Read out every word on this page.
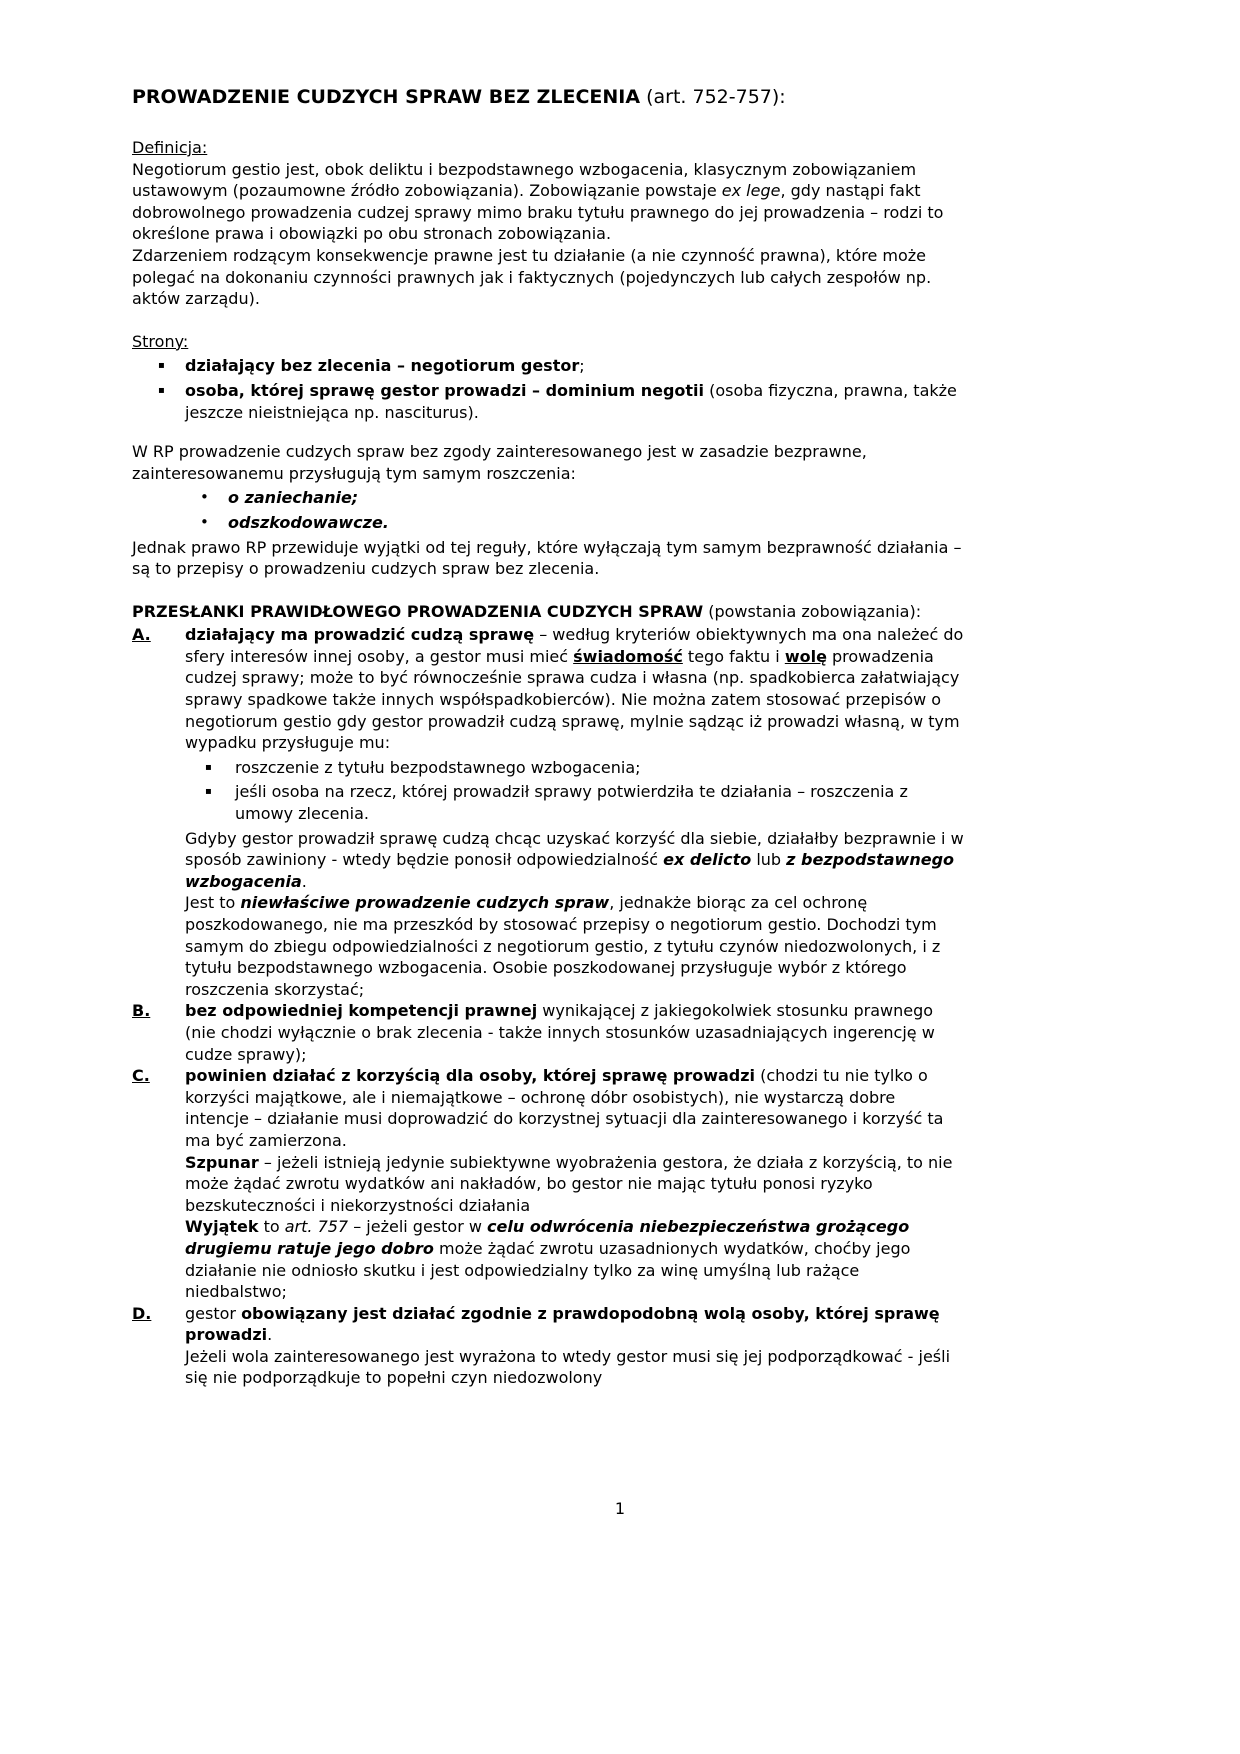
PROWADZENIE CUDZYCH SPRAW BEZ ZLECENIA (art. 752-757):
Definicja:
Negotiorum gestio jest, obok deliktu i bezpodstawnego wzbogacenia, klasycznym zobowiązaniem ustawowym (pozaumowne źródło zobowiązania). Zobowiązanie powstaje ex lege, gdy nastąpi fakt dobrowolnego prowadzenia cudzej sprawy mimo braku tytułu prawnego do jej prowadzenia – rodzi to określone prawa i obowiązki po obu stronach zobowiązania.
Zdarzeniem rodzącym konsekwencje prawne jest tu działanie (a nie czynność prawna), które może polegać na dokonaniu czynności prawnych jak i faktycznych (pojedynczych lub całych zespołów np. aktów zarządu).
Strony:
▪	działający bez zlecenia – negotiorum gestor;
▪	osoba, której sprawę gestor prowadzi – dominium negotii (osoba fizyczna, prawna, także jeszcze nieistniejąca np. nasciturus).
W RP prowadzenie cudzych spraw bez zgody zainteresowanego jest w zasadzie bezprawne, zainteresowanemu przysługują tym samym roszczenia:
•	o zaniechanie;
•	odszkodowawcze.
Jednak prawo RP przewiduje wyjątki od tej reguły, które wyłączają tym samym bezprawność działania – są to przepisy o prowadzeniu cudzych spraw bez zlecenia.
PRZESŁANKI PRAWIDŁOWEGO PROWADZENIA CUDZYCH SPRAW (powstania zobowiązania):
A.	działający ma prowadzić cudzą sprawę – według kryteriów obiektywnych ma ona należeć do sfery interesów innej osoby, a gestor musi mieć świadomość tego faktu i wolę prowadzenia cudzej sprawy; może to być równocześnie sprawa cudza i własna (np. spadkobierca załatwiający sprawy spadkowe także innych współspadkobierców). Nie można zatem stosować przepisów o negotiorum gestio gdy gestor prowadził cudzą sprawę, mylnie sądząc iż prowadzi własną, w tym wypadku przysługuje mu:
▪	roszczenie z tytułu bezpodstawnego wzbogacenia;
▪	jeśli osoba na rzecz, której prowadził sprawy potwierdziła te działania – roszczenia z umowy zlecenia.
Gdyby gestor prowadził sprawę cudzą chcąc uzyskać korzyść dla siebie, działałby bezprawnie i w sposób zawiniony - wtedy będzie ponosił odpowiedzialność ex delicto lub z bezpodstawnego wzbogacenia.
Jest to niewłaściwe prowadzenie cudzych spraw, jednakże biorąc za cel ochronę poszkodowanego, nie ma przeszkód by stosować przepisy o negotiorum gestio. Dochodzi tym samym do zbiegu odpowiedzialności z negotiorum gestio, z tytułu czynów niedozwolonych, i z tytułu bezpodstawnego wzbogacenia. Osobie poszkodowanej przysługuje wybór z którego roszczenia skorzystać;
B.	bez odpowiedniej kompetencji prawnej wynikającej z jakiegokolwiek stosunku prawnego (nie chodzi wyłącznie o brak zlecenia - także innych stosunków uzasadniających ingerencję w cudze sprawy);
C.	powinien działać z korzyścią dla osoby, której sprawę prowadzi (chodzi tu nie tylko o korzyści majątkowe, ale i niemajątkowe – ochronę dóbr osobistych), nie wystarczą dobre intencje – działanie musi doprowadzić do korzystnej sytuacji dla zainteresowanego i korzyść ta ma być zamierzona.
Szpunar – jeżeli istnieją jedynie subiektywne wyobrażenia gestora, że działa z korzyścią, to nie może żądać zwrotu wydatków ani nakładów, bo gestor nie mając tytułu ponosi ryzyko bezskuteczności i niekorzystności działania
Wyjątek to art. 757 – jeżeli gestor w celu odwrócenia niebezpieczeństwa grożącego drugiemu ratuje jego dobro może żądać zwrotu uzasadnionych wydatków, choćby jego działanie nie odniosło skutku i jest odpowiedzialny tylko za winę umyślną lub rażące niedbalstwo;
D.	gestor obowiązany jest działać zgodnie z prawdopodobną wolą osoby, której sprawę prowadzi.
Jeżeli wola zainteresowanego jest wyrażona to wtedy gestor musi się jej podporządkować - jeśli się nie podporządkuje to popełni czyn niedozwolony
1
